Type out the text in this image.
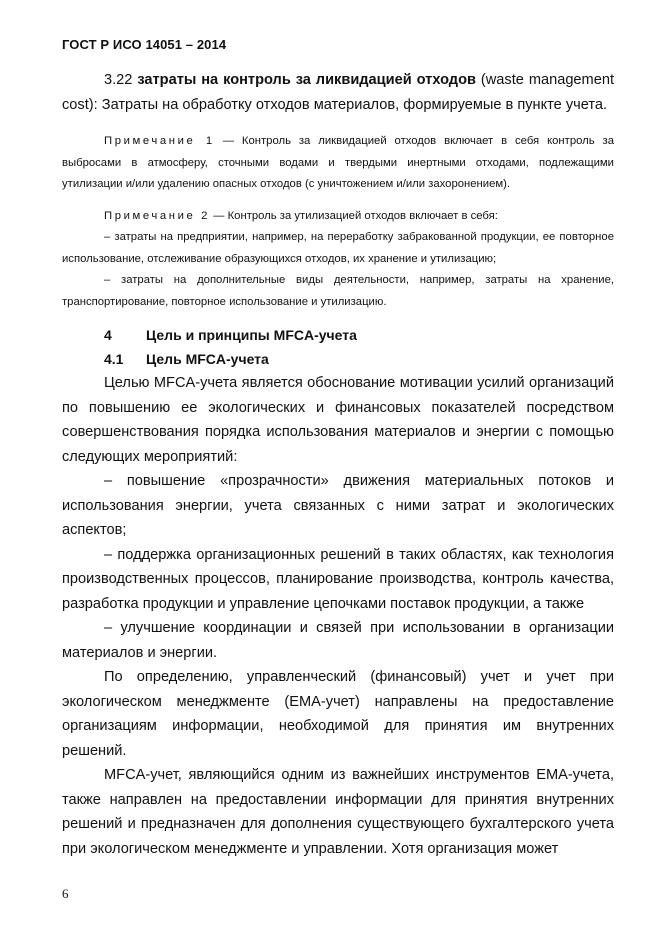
ГОСТ Р ИСО 14051 – 2014

3.22 затраты на контроль за ликвидацией отходов (waste management cost): Затраты на обработку отходов материалов, формируемые в пункте учета.

Примечание 1 — Контроль за ликвидацией отходов включает в себя контроль за выбросами в атмосферу, сточными водами и твердыми инертными отходами, подлежащими утилизации и/или удалению опасных отходов (с уничтожением и/или захоронением).

Примечание 2 — Контроль за утилизацией отходов включает в себя:

– затраты на предприятии, например, на переработку забракованной продукции, ее повторное использование, отслеживание образующихся отходов, их хранение и утилизацию;

– затраты на дополнительные виды деятельности, например, затраты на хранение, транспортирование, повторное использование и утилизацию.

4	Цель и принципы MFCA-учета

4.1	Цель MFCA-учета

Целью MFCA-учета является обоснование мотивации усилий организаций по повышению ее экологических и финансовых показателей посредством совершенствования порядка использования материалов и энергии с помощью следующих мероприятий:

– повышение «прозрачности» движения материальных потоков и использования энергии, учета связанных с ними затрат и экологических аспектов;

– поддержка организационных решений в таких областях, как технология производственных процессов, планирование производства, контроль качества, разработка продукции и управление цепочками поставок продукции, а также

– улучшение координации и связей при использовании в организации материалов и энергии.

По определению, управленческий (финансовый) учет и учет при экологическом менеджменте (ЕМА-учет) направлены на предоставление организациям информации, необходимой для принятия им внутренних решений.

MFCA-учет, являющийся одним из важнейших инструментов ЕМА-учета, также направлен на предоставлении информации для принятия внутренних решений и предназначен для дополнения существующего бухгалтерского учета при экологическом менеджменте и управлении. Хотя организация может

6
